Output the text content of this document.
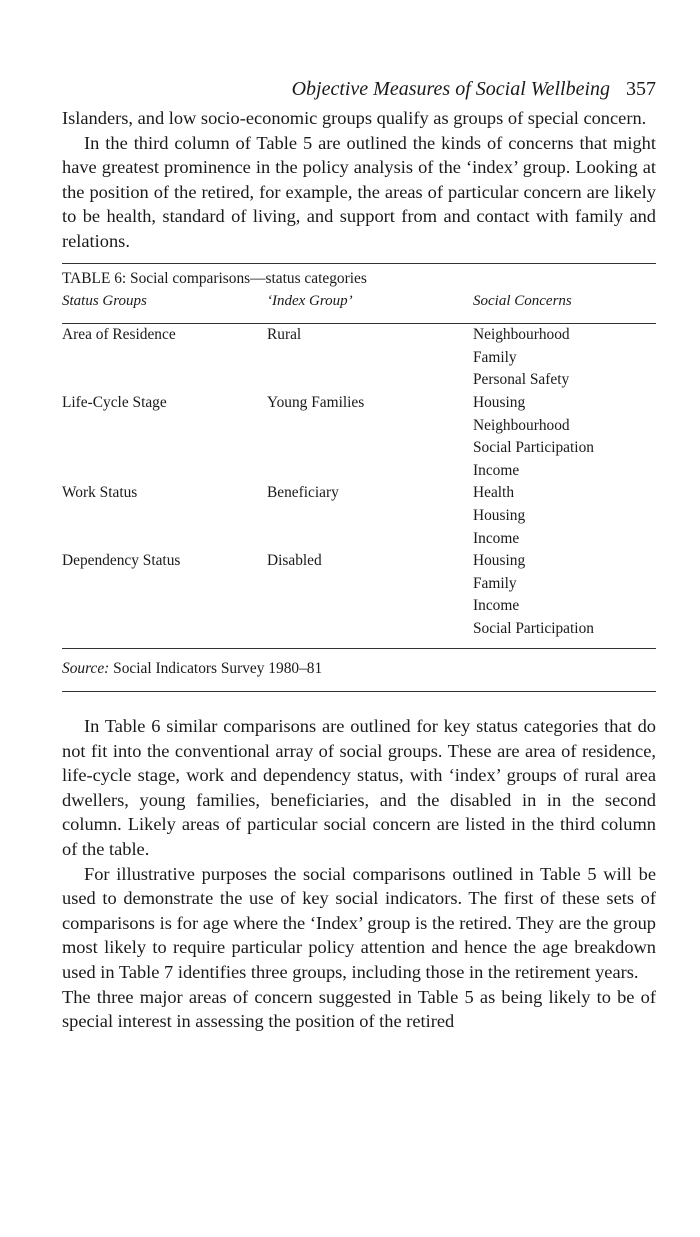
Objective Measures of Social Wellbeing 357

Islanders, and low socio-economic groups qualify as groups of special concern.

In the third column of Table 5 are outlined the kinds of concerns that might have greatest prominence in the policy analysis of the ‘index’ group. Looking at the position of the retired, for example, the areas of particular concern are likely to be health, standard of living, and support from and contact with family and relations.

TABLE 6: Social comparisons—status categories

Status Groups	‘Index Group’	Social Concerns
Area of Residence	Rural	Neighbourhood
Family
Personal Safety
Life-Cycle Stage	Young Families	Housing
Neighbourhood
Social Participation
Income
Work Status	Beneficiary	Health
Housing
Income
Dependency Status	Disabled	Housing
Family
Income
Social Participation

Source: Social Indicators Survey 1980–81

In Table 6 similar comparisons are outlined for key status categories that do not fit into the conventional array of social groups. These are area of residence, life-cycle stage, work and dependency status, with ‘index’ groups of rural area dwellers, young families, beneficiaries, and the disabled in in the second column. Likely areas of particular social concern are listed in the third column of the table.

For illustrative purposes the social comparisons outlined in Table 5 will be used to demonstrate the use of key social indicators. The first of these sets of comparisons is for age where the ‘Index’ group is the retired. They are the group most likely to require particular policy attention and hence the age breakdown used in Table 7 identifies three groups, including those in the retirement years.

The three major areas of concern suggested in Table 5 as being likely to be of special interest in assessing the position of the retired
